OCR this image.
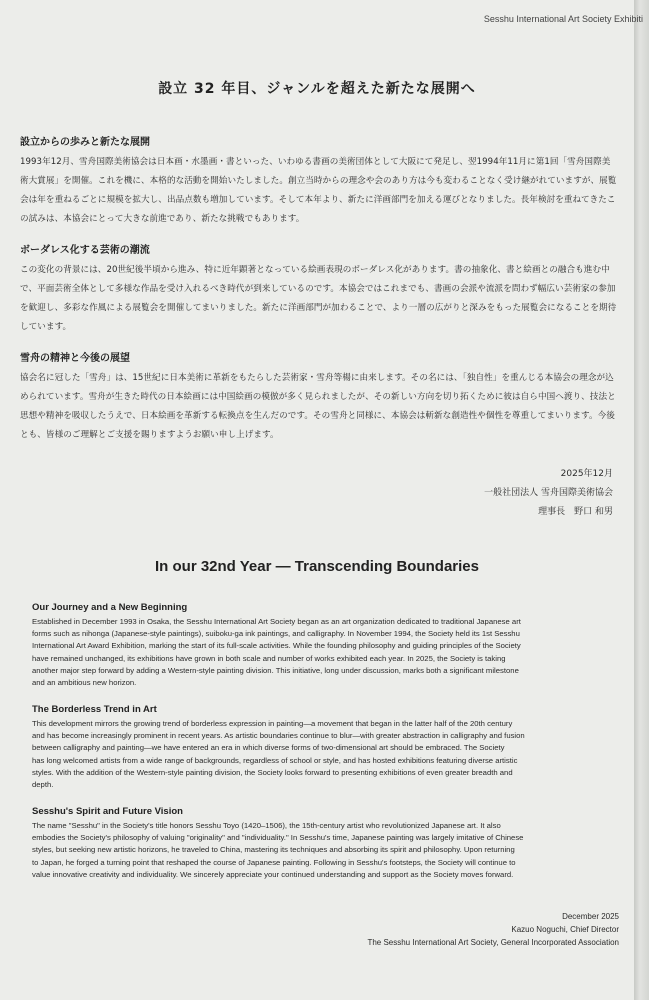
Sesshu International Art Society Exhibiti
設立 32 年目、ジャンルを超えた新たな展開へ
設立からの歩みと新たな展開

1993年12月、雪舟国際美術協会は日本画・水墨画・書といった、いわゆる書画の美術団体として大阪にて発足し、翌1994年11月に第1回「雪舟国際美術大賞展」を開催。これを機に、本格的な活動を開始いたしました。創立当時からの理念や会のあり方は今も変わることなく受け継がれていますが、展覧会は年を重ねるごとに規模を拡大し、出品点数も増加しています。そして本年より、新たに洋画部門を加える運びとなりました。長年検討を重ねてきたこの試みは、本協会にとって大きな前進であり、新たな挑戦でもあります。

ボーダレス化する芸術の潮流

この変化の背景には、20世紀後半頃から進み、特に近年顕著となっている絵画表現のボーダレス化があります。書の抽象化、書と絵画との融合も進む中で、平面芸術全体として多様な作品を受け入れるべき時代が到来しているのです。本協会ではこれまでも、書画の会派や流派を問わず幅広い芸術家の参加を歓迎し、多彩な作風による展覧会を開催してまいりました。新たに洋画部門が加わることで、より一層の広がりと深みをもった展覧会になることを期待しています。

雪舟の精神と今後の展望

協会名に冠した「雪舟」は、15世紀に日本美術に革新をもたらした芸術家・雪舟等楊に由来します。その名には、「独自性」を重んじる本協会の理念が込められています。雪舟が生きた時代の日本絵画には中国絵画の模倣が多く見られましたが、その新しい方向を切り拓くために彼は自ら中国へ渡り、技法と思想や精神を吸収したうえで、日本絵画を革新する転換点を生んだのです。その雪舟と同様に、本協会は斬新な創造性や個性を尊重してまいります。今後とも、皆様のご理解とご支援を賜りますようお願い申し上げます。

2025年12月
一般社団法人 雪舟国際美術協会
理事長　野口 和男
In our 32nd Year — Transcending Boundaries
Our Journey and a New Beginning
Established in December 1993 in Osaka, the Sesshu International Art Society began as an art organization dedicated to traditional Japanese art
forms such as nihonga (Japanese-style paintings), suiboku-ga ink paintings, and calligraphy. In November 1994, the Society held its 1st Sesshu
International Art Award Exhibition, marking the start of its full-scale activities. While the founding philosophy and guiding principles of the Society
have remained unchanged, its exhibitions have grown in both scale and number of works exhibited each year. In 2025, the Society is taking
another major step forward by adding a Western-style painting division. This initiative, long under discussion, marks both a significant milestone
and an ambitious new horizon.
The Borderless Trend in Art
This development mirrors the growing trend of borderless expression in painting—a movement that began in the latter half of the 20th century
and has become increasingly prominent in recent years. As artistic boundaries continue to blur—with greater abstraction in calligraphy and fusion
between calligraphy and painting—we have entered an era in which diverse forms of two-dimensional art should be embraced. The Society
has long welcomed artists from a wide range of backgrounds, regardless of school or style, and has hosted exhibitions featuring diverse artistic
styles. With the addition of the Western-style painting division, the Society looks forward to presenting exhibitions of even greater breadth and
depth.
Sesshu's Spirit and Future Vision
The name "Sesshu" in the Society's title honors Sesshu Toyo (1420–1506), the 15th-century artist who revolutionized Japanese art. It also
embodies the Society's philosophy of valuing "originality" and "individuality." In Sesshu's time, Japanese painting was largely imitative of Chinese
styles, but seeking new artistic horizons, he traveled to China, mastering its techniques and absorbing its spirit and philosophy. Upon returning
to Japan, he forged a turning point that reshaped the course of Japanese painting. Following in Sesshu's footsteps, the Society will continue to
value innovative creativity and individuality. We sincerely appreciate your continued understanding and support as the Society moves forward.
December 2025
Kazuo Noguchi, Chief Director
The Sesshu International Art Society, General Incorporated Association
